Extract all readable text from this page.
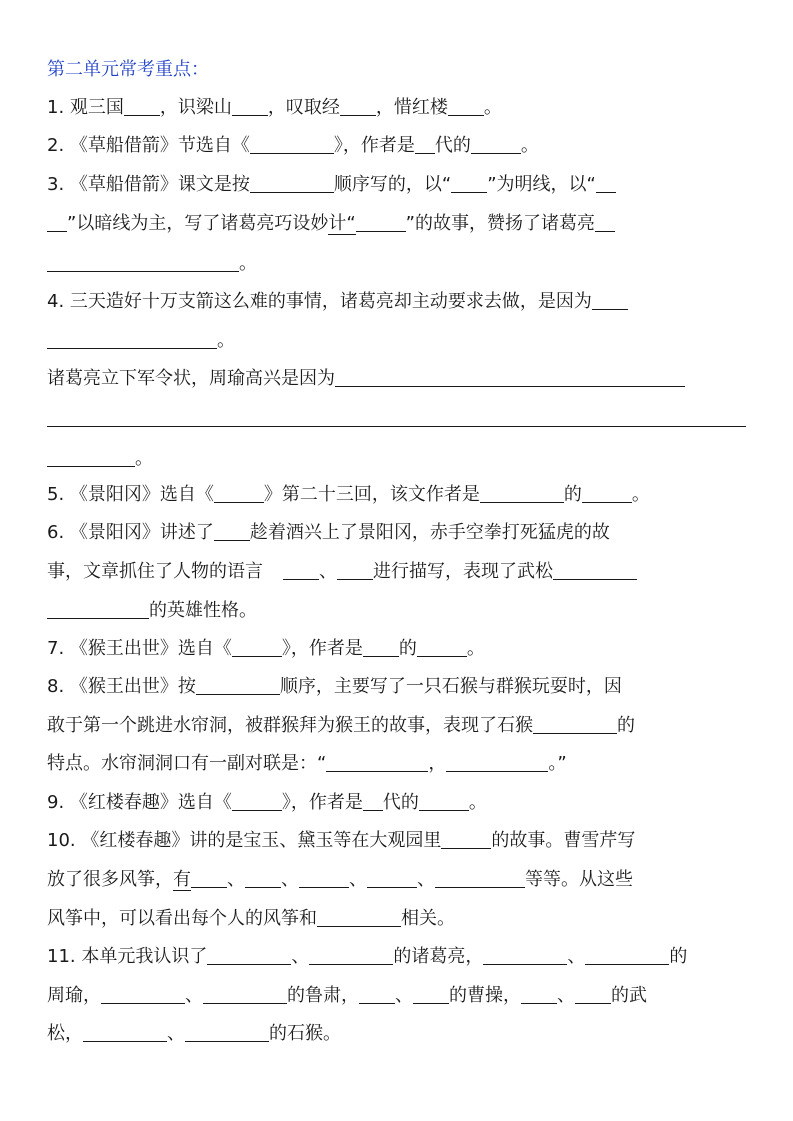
第二单元常考重点：
1. 观三国 ，识梁山 ，叹取经 ，惜红楼 。
2. 《草船借箭》节选自《	》，作者是 代的	。
3. 《草船借箭》课文是按	顺序写的，以“ ”为明线，以“
”以暗线为主，写了诸葛亮巧设妙计“	”的故事，赞扬了诸葛亮
。
4. 三天造好十万支箭这么难的事情，诸葛亮却主动要求去做，是因为
。
诸葛亮立下军令状，周瑜高兴是因为
。
5. 《景阳冈》选自《	》第二十三回，该文作者是	的	。
6. 《景阳冈》讲述了 趁着酒兴上了景阳冈，赤手空拳打死猛虎的故
事，文章抓住了人物的语言	、 进行描写，表现了武松
的英雄性格。
7. 《猴王出世》选自《	》，作者是 的	。
8. 《猴王出世》按	顺序，主要写了一只石猴与群猴玩耍时，因
敢于第一个跳进水帘洞，被群猴拜为猴王的故事，表现了石猴	的
特点。水帘洞洞口有一副对联是：“	，	。”
9. 《红楼春趣》选自《	》，作者是 代的	。
10. 《红楼春趣》讲的是宝玉、黛玉等在大观园里	的故事。曹雪芹写
放了很多风筝，有 、 、	、	、	等等。从这些
风筝中，可以看出每个人的风筝和	相关。
11. 本单元我认识了	、	的诸葛亮，	、	的
周瑜，	、	的鲁肃， 、 的曹操， 、 的武
松，	、	的石猴。
